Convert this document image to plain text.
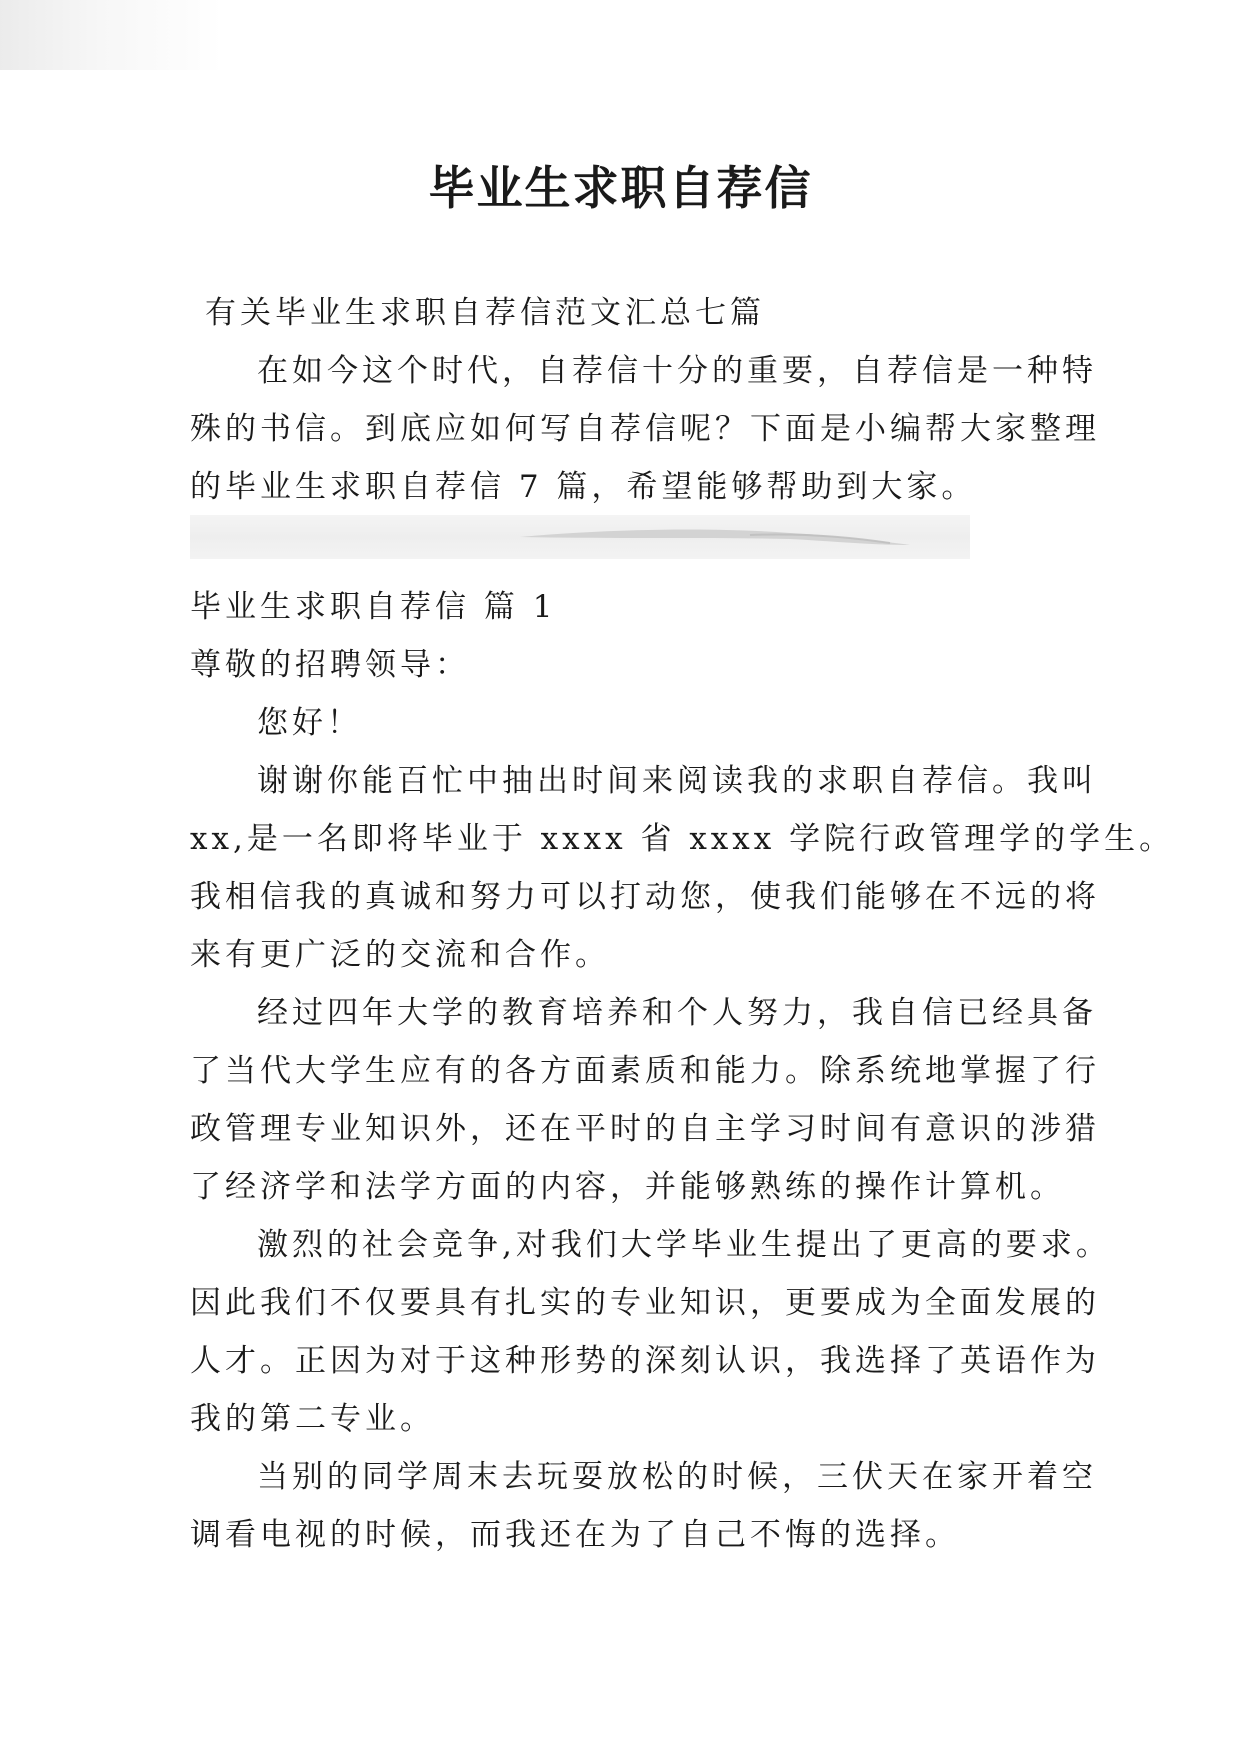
毕业生求职自荐信
有关毕业生求职自荐信范文汇总七篇
在如今这个时代，自荐信十分的重要，自荐信是一种特
殊的书信。到底应如何写自荐信呢？下面是小编帮大家整理
的毕业生求职自荐信 7 篇，希望能够帮助到大家。
毕业生求职自荐信 篇 1
尊敬的招聘领导：
您好！
谢谢你能百忙中抽出时间来阅读我的求职自荐信。我叫
xx,是一名即将毕业于 xxxx 省 xxxx 学院行政管理学的学生。
我相信我的真诚和努力可以打动您，使我们能够在不远的将
来有更广泛的交流和合作。
经过四年大学的教育培养和个人努力，我自信已经具备
了当代大学生应有的各方面素质和能力。除系统地掌握了行
政管理专业知识外，还在平时的自主学习时间有意识的涉猎
了经济学和法学方面的内容，并能够熟练的操作计算机。
激烈的社会竞争,对我们大学毕业生提出了更高的要求。
因此我们不仅要具有扎实的专业知识，更要成为全面发展的
人才。正因为对于这种形势的深刻认识，我选择了英语作为
我的第二专业。
当别的同学周末去玩耍放松的时候，三伏天在家开着空
调看电视的时候，而我还在为了自己不悔的选择。
